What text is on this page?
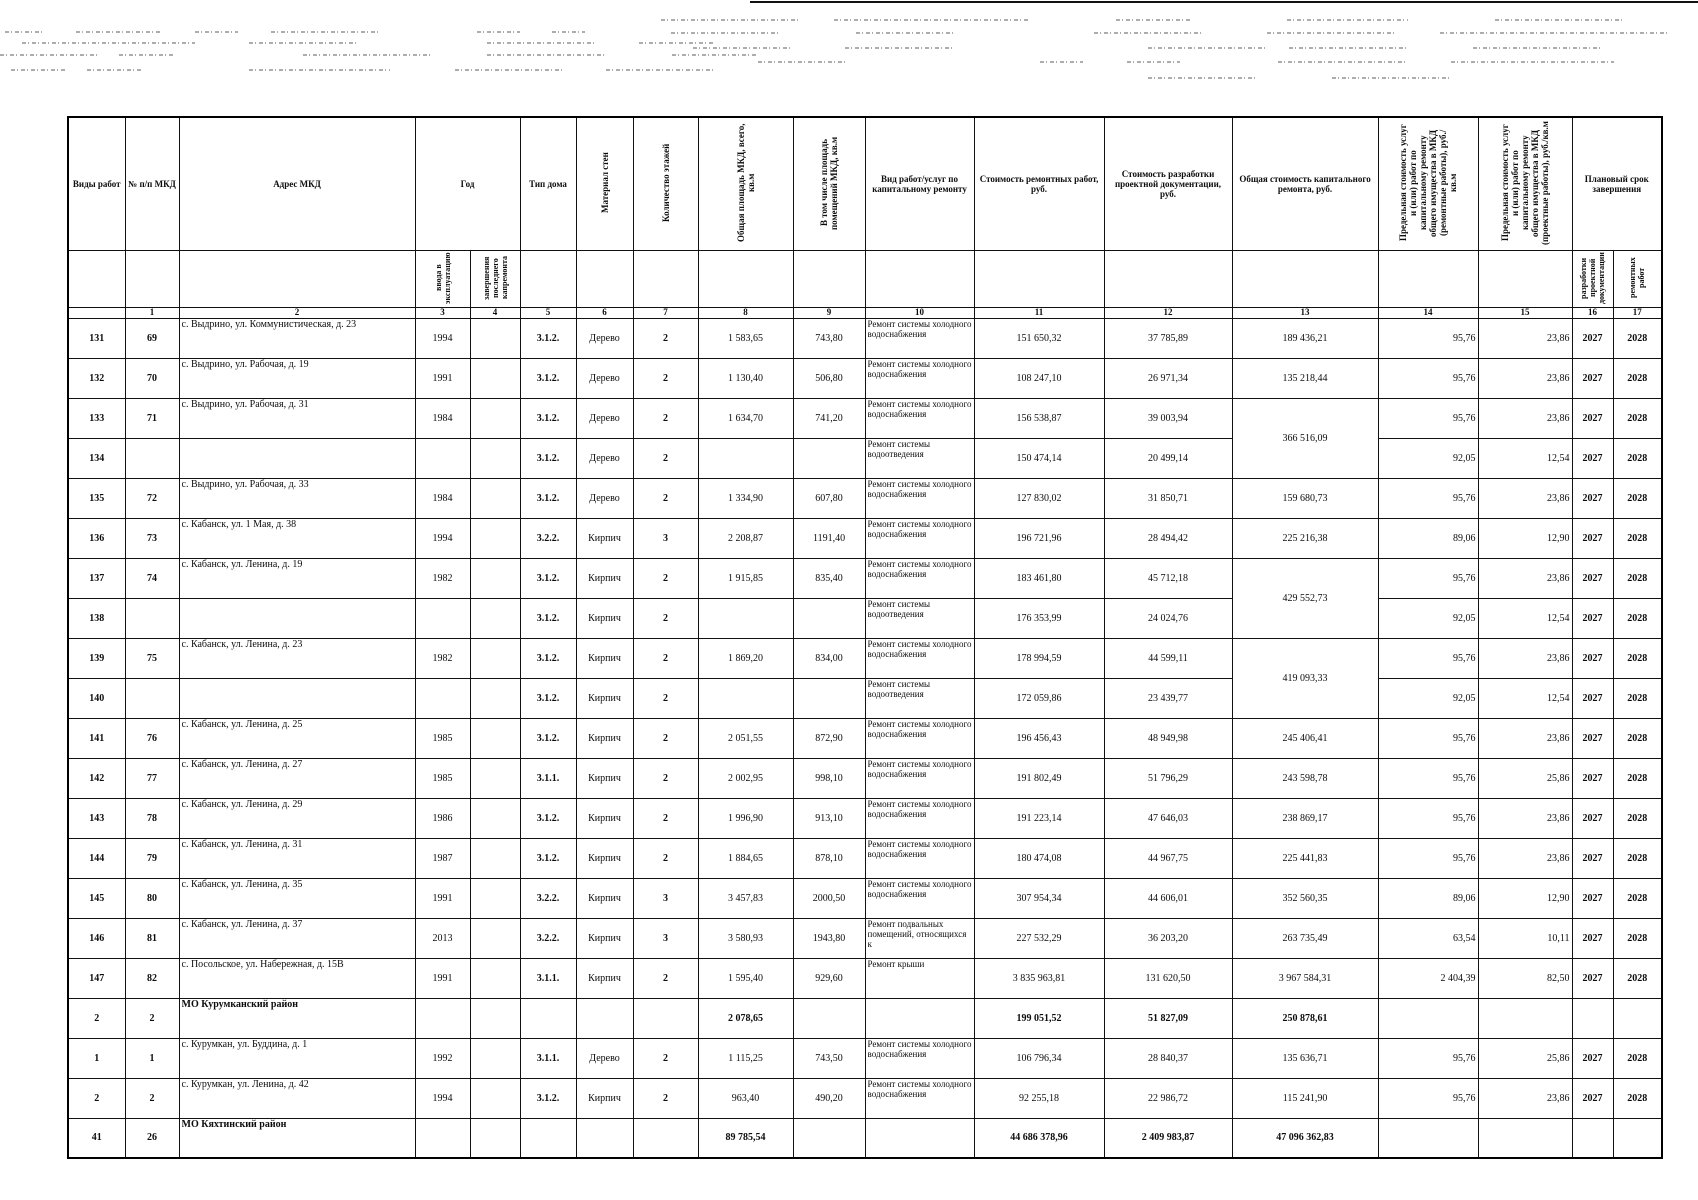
Виды работ	№ п/п МКД	Адрес МКД	Год		Тип дома	Материал стен	Количество этажей	Общая площадь МКД, всего, кв.м	В том числе площадь помещений МКД, кв.м	Вид работ/услуг по капитальному ремонту	Стоимость ремонтных работ, руб.	Стоимость разработки проектной документации, руб.	Общая стоимость капитального ремонта, руб.	Предельная стоимость услуг и (или) работ по капитальному ремонту общего имущества в МКД (ремонтные работы), руб./кв.м	Предельная стоимость услуг и (или) работ по капитальному ремонту общего имущества в МКД (проектные работы), руб./кв.м	Плановый срок завершения	
			ввода в эксплуатацию	завершения последнего капремонта												разработки проектной документации	ремонтных работ
	1	2	3	4	5	6	7	8	9	10	11	12	13	14	15	16	17

131	69	с. Выдрино, ул. Коммунистическая, д. 23	1994		3.1.2.	Дерево	2	1 583,65	743,80	Ремонт системы холодного водоснабжения	151 650,32	37 785,89	189 436,21	95,76	23,86	2027	2028

132	70	с. Выдрино, ул. Рабочая, д. 19	1991		3.1.2.	Дерево	2	1 130,40	506,80	Ремонт системы холодного водоснабжения	108 247,10	26 971,34	135 218,44	95,76	23,86	2027	2028

133	71	с. Выдрино, ул. Рабочая, д. 31	1984		3.1.2.	Дерево	2	1 634,70	741,20	Ремонт системы холодного водоснабжения	156 538,87	39 003,94	366 516,09	95,76	23,86	2027	2028

134					3.1.2.	Дерево	2			Ремонт системы водоотведения	150 474,14	20 499,14		92,05	12,54	2027	2028

135	72	с. Выдрино, ул. Рабочая, д. 33	1984		3.1.2.	Дерево	2	1 334,90	607,80	Ремонт системы холодного водоснабжения	127 830,02	31 850,71	159 680,73	95,76	23,86	2027	2028

136	73	с. Кабанск, ул. 1 Мая, д. 38	1994		3.2.2.	Кирпич	3	2 208,87	1191,40	Ремонт системы холодного водоснабжения	196 721,96	28 494,42	225 216,38	89,06	12,90	2027	2028

137	74	с. Кабанск, ул. Ленина, д. 19	1982		3.1.2.	Кирпич	2	1 915,85	835,40	Ремонт системы холодного водоснабжения	183 461,80	45 712,18	429 552,73	95,76	23,86	2027	2028

138					3.1.2.	Кирпич	2			Ремонт системы водоотведения	176 353,99	24 024,76		92,05	12,54	2027	2028

139	75	с. Кабанск, ул. Ленина, д. 23	1982		3.1.2.	Кирпич	2	1 869,20	834,00	Ремонт системы холодного водоснабжения	178 994,59	44 599,11	419 093,33	95,76	23,86	2027	2028

140					3.1.2.	Кирпич	2			Ремонт системы водоотведения	172 059,86	23 439,77		92,05	12,54	2027	2028

141	76	с. Кабанск, ул. Ленина, д. 25	1985		3.1.2.	Кирпич	2	2 051,55	872,90	Ремонт системы холодного водоснабжения	196 456,43	48 949,98	245 406,41	95,76	23,86	2027	2028

142	77	с. Кабанск, ул. Ленина, д. 27	1985		3.1.1.	Кирпич	2	2 002,95	998,10	Ремонт системы холодного водоснабжения	191 802,49	51 796,29	243 598,78	95,76	25,86	2027	2028

143	78	с. Кабанск, ул. Ленина, д. 29	1986		3.1.2.	Кирпич	2	1 996,90	913,10	Ремонт системы холодного водоснабжения	191 223,14	47 646,03	238 869,17	95,76	23,86	2027	2028

144	79	с. Кабанск, ул. Ленина, д. 31	1987		3.1.2.	Кирпич	2	1 884,65	878,10	Ремонт системы холодного водоснабжения	180 474,08	44 967,75	225 441,83	95,76	23,86	2027	2028

145	80	с. Кабанск, ул. Ленина, д. 35	1991		3.2.2.	Кирпич	3	3 457,83	2000,50	Ремонт системы холодного водоснабжения	307 954,34	44 606,01	352 560,35	89,06	12,90	2027	2028

146	81	с. Кабанск, ул. Ленина, д. 37	2013		3.2.2.	Кирпич	3	3 580,93	1943,80	Ремонт подвальных помещений, относящихся к	227 532,29	36 203,20	263 735,49	63,54	10,11	2027	2028

147	82	с. Посольское, ул. Набережная, д. 15В	1991		3.1.1.	Кирпич	2	1 595,40	929,60	Ремонт крыши	3 835 963,81	131 620,50	3 967 584,31	2 404,39	82,50	2027	2028

2	2	МО Курумканский район						2 078,65			199 051,52	51 827,09	250 878,61				

1	1	с. Курумкан, ул. Буддина, д. 1	1992		3.1.1.	Дерево	2	1 115,25	743,50	Ремонт системы холодного водоснабжения	106 796,34	28 840,37	135 636,71	95,76	25,86	2027	2028

2	2	с. Курумкан, ул. Ленина, д. 42	1994		3.1.2.	Кирпич	2	963,40	490,20	Ремонт системы холодного водоснабжения	92 255,18	22 986,72	115 241,90	95,76	23,86	2027	2028

41	26	МО Кяхтинский район						89 785,54			44 686 378,96	2 409 983,87	47 096 362,83				
